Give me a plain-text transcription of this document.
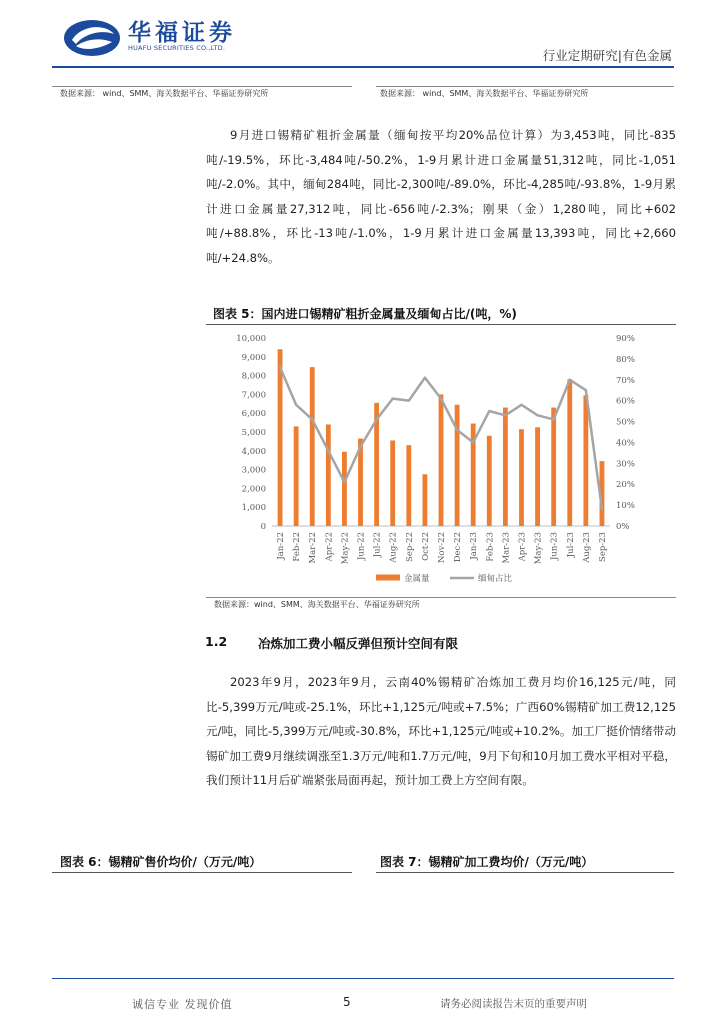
华福证券
HUAFU SECURITIES CO.,LTD.	行业定期研究|有色金属
数据来源： wind、SMM、海关数据平台、华福证券研究所	数据来源： wind、SMM、海关数据平台、华福证券研究所

9月进口锡精矿粗折金属量（缅甸按平均20%品位计算）为3,453吨，同比-835吨/-19.5%，环比-3,484吨/-50.2%，1-9月累计进口金属量51,312吨，同比-1,051吨/-2.0%。其中，缅甸284吨，同比-2,300吨/-89.0%，环比-4,285吨/-93.8%，1-9月累计进口金属量27,312吨，同比-656吨/-2.3%；刚果（金）1,280吨，同比+602吨/+88.8%，环比-13吨/-1.0%，1-9月累计进口金属量13,393吨，同比+2,660吨/+24.8%。

图表 5：国内进口锡精矿粗折金属量及缅甸占比/(吨，%)
0
1,000
2,000
3,000
4,000
5,000
6,000
7,000
8,000
9,000
10,000
0%
10%
20%
30%
40%
50%
60%
70%
80%
90%
Jan-22 Feb-22 Mar-22 Apr-22 May-22 Jun-22 Jul-22 Aug-22 Sep-22 Oct-22 Nov-22 Dec-22 Jan-23 Feb-23 Mar-23 Apr-23 May-23 Jun-23 Jul-23 Aug-23 Sep-23
金属量	缅甸占比
数据来源：wind、SMM、海关数据平台、华福证券研究所
1.2 冶炼加工费小幅反弹但预计空间有限

2023年9月，2023年9月，云南40%锡精矿冶炼加工费月均价16,125元/吨，同比-5,399万元/吨或-25.1%，环比+1,125元/吨或+7.5%；广西60%锡精矿加工费12,125元/吨，同比-5,399万元/吨或-30.8%，环比+1,125元/吨或+10.2%。加工厂挺价情绪带动锡矿加工费9月继续调涨至1.3万元/吨和1.7万元/吨，9月下旬和10月加工费水平相对平稳，我们预计11月后矿端紧张局面再起，预计加工费上方空间有限。

图表 6：锡精矿售价均价/（万元/吨）	图表 7：锡精矿加工费均价/（万元/吨）
诚信专业 发现价值	5	请务必阅读报告末页的重要声明
